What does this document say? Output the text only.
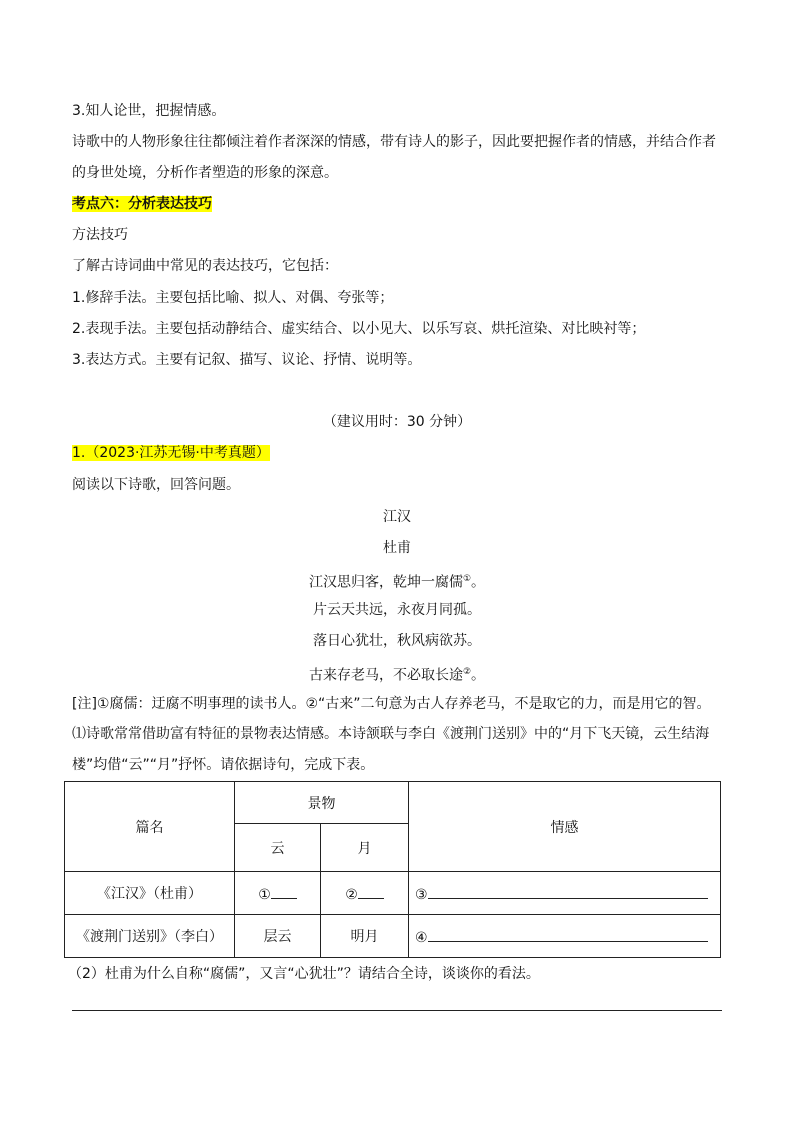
3.知人论世，把握情感。
诗歌中的人物形象往往都倾注着作者深深的情感，带有诗人的影子，因此要把握作者的情感，并结合作者的身世处境，分析作者塑造的形象的深意。
考点六：分析表达技巧
方法技巧
了解古诗词曲中常见的表达技巧，它包括：
1.修辞手法。主要包括比喻、拟人、对偶、夸张等；
2.表现手法。主要包括动静结合、虚实结合、以小见大、以乐写哀、烘托渲染、对比映衬等；
3.表达方式。主要有记叙、描写、议论、抒情、说明等。
（建议用时：30 分钟）
1.（2023·江苏无锡·中考真题）
阅读以下诗歌，回答问题。
江汉
杜甫
江汉思归客，乾坤一腐儒①。
片云天共远，永夜月同孤。
落日心犹壮，秋风病欲苏。
古来存老马，不必取长途②。
[注]①腐儒：迂腐不明事理的读书人。②“古来”二句意为古人存养老马，不是取它的力，而是用它的智。
⑴诗歌常常借助富有特征的景物表达情感。本诗颔联与李白《渡荆门送别》中的“月下飞天镜，云生结海楼”均借“云”“月”抒怀。请依据诗句，完成下表。
篇名	景物		情感
	云	月	
《江汉》（杜甫）	①	②	③
《渡荆门送别》（李白）	层云	明月	④
（2）杜甫为什么自称“腐儒”，又言“心犹壮”？请结合全诗，谈谈你的看法。
